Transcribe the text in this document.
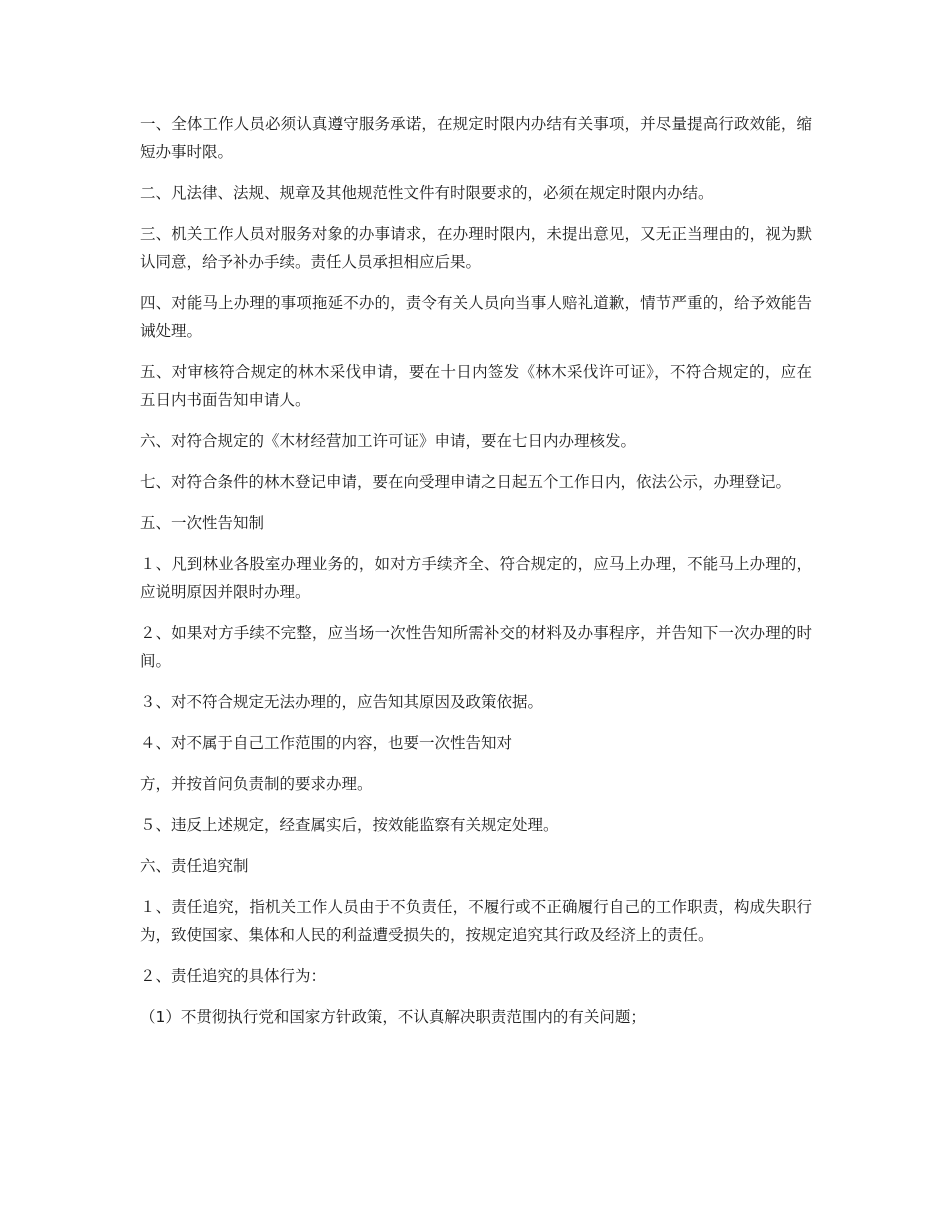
一、全体工作人员必须认真遵守服务承诺，在规定时限内办结有关事项，并尽量提高行政效能，缩短办事时限。

二、凡法律、法规、规章及其他规范性文件有时限要求的，必须在规定时限内办结。

三、机关工作人员对服务对象的办事请求，在办理时限内，未提出意见，又无正当理由的，视为默认同意，给予补办手续。责任人员承担相应后果。

四、对能马上办理的事项拖延不办的，责令有关人员向当事人赔礼道歉，情节严重的，给予效能告诫处理。

五、对审核符合规定的林木采伐申请，要在十日内签发《林木采伐许可证》，不符合规定的，应在五日内书面告知申请人。

六、对符合规定的《木材经营加工许可证》申请，要在七日内办理核发。

七、对符合条件的林木登记申请，要在向受理申请之日起五个工作日内，依法公示，办理登记。

五、一次性告知制

１、凡到林业各股室办理业务的，如对方手续齐全、符合规定的，应马上办理，不能马上办理的，应说明原因并限时办理。

２、如果对方手续不完整，应当场一次性告知所需补交的材料及办事程序，并告知下一次办理的时间。

３、对不符合规定无法办理的，应告知其原因及政策依据。

４、对不属于自己工作范围的内容，也要一次性告知对

方，并按首问负责制的要求办理。

５、违反上述规定，经查属实后，按效能监察有关规定处理。

六、责任追究制

１、责任追究，指机关工作人员由于不负责任，不履行或不正确履行自己的工作职责，构成失职行为，致使国家、集体和人民的利益遭受损失的，按规定追究其行政及经济上的责任。

２、责任追究的具体行为：

（1）不贯彻执行党和国家方针政策，不认真解决职责范围内的有关问题；
